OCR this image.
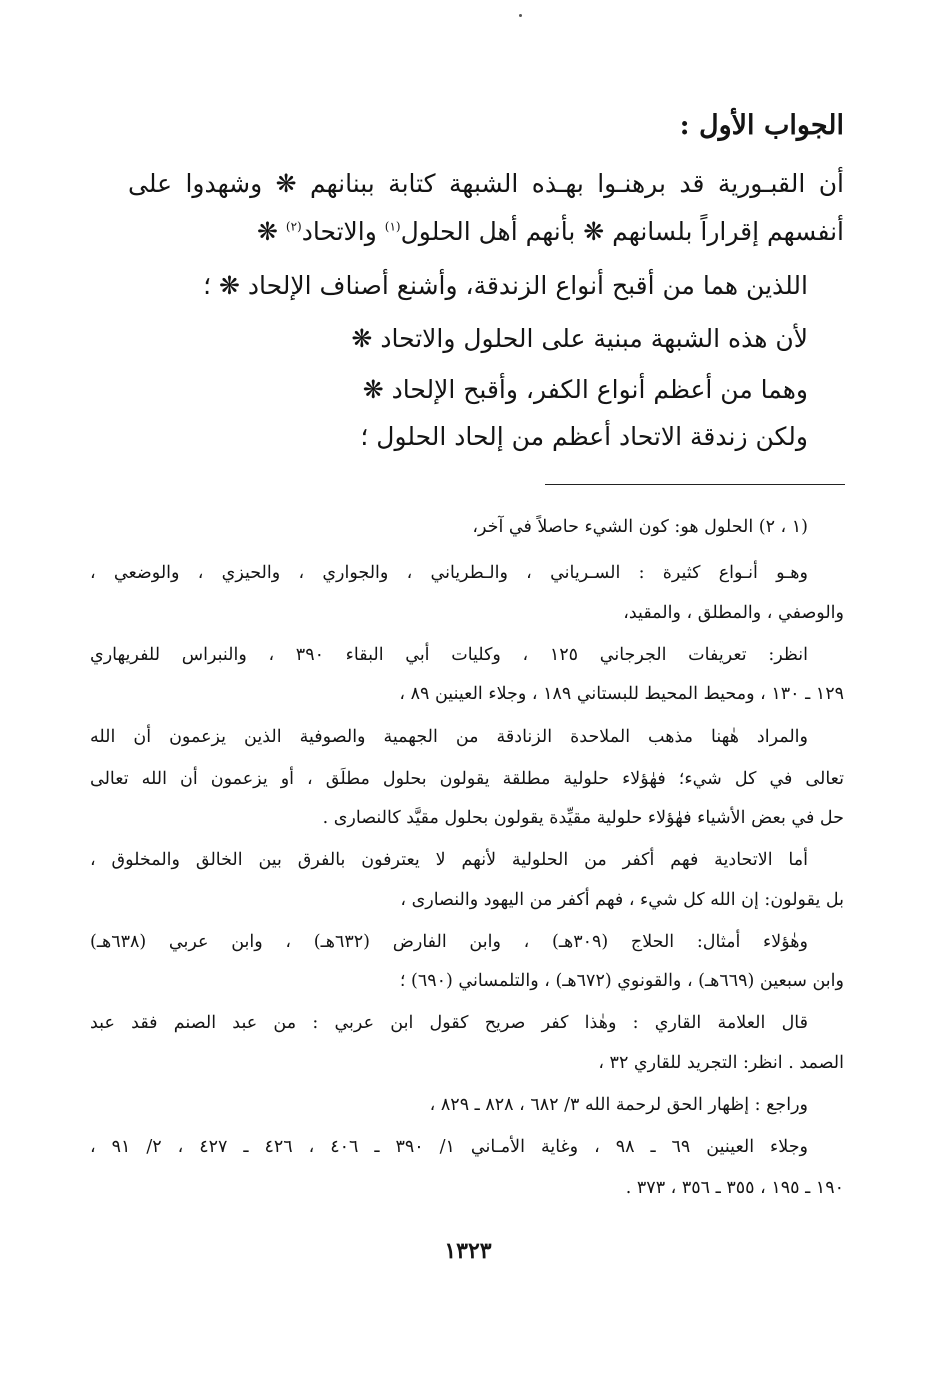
الجواب الأول :
أن القبـورية قد برهنـوا بهـذه الشبهة كتابة ببنانهم ❋ وشهدوا على
أنفسهم إقراراً بلسانهم ❋ بأنهم أهل الحلول$^{(١)}$ والاتحاد$^{(٢)}$ ❋
اللذين هما من أقبح أنواع الزندقة، وأشنع أصناف الإلحاد ❋ ؛
لأن هذه الشبهة مبنية على الحلول والاتحاد ❋
وهما من أعظم أنواع الكفر، وأقبح الإلحاد ❋
ولكن زندقة الاتحاد أعظم من إلحاد الحلول ؛
(١ ، ٢) الحلول هو: كون الشيء حاصلاً في آخر،
وهـو أنـواع كثيرة : السـرياني ، والـطرياني ، والجواري ، والحيزي ، والوضعي ،
والوصفي ، والمطلق ، والمقيد،
انظر: تعريفات الجرجاني ١٢٥ ، وكليات أبي البقاء ٣٩٠ ، والنبراس للفريهاري
١٢٩ ـ ١٣٠ ، ومحيط المحيط للبستاني ١٨٩ ، وجلاء العينين ٨٩ ،
والمراد هٰهنا مذهب الملاحدة الزنادقة من الجهمية والصوفية الذين يزعمون أن الله
تعالى في كل شيء؛ فهٰؤلاء حلولية مطلقة يقولون بحلول مطلَق ، أو يزعمون أن الله تعالى
حل في بعض الأشياء فهٰؤلاء حلولية مقيِّدة يقولون بحلول مقيَّد كالنصارى .
أما الاتحادية فهم أكفر من الحلولية لأنهم لا يعترفون بالفرق بين الخالق والمخلوق ،
بل يقولون: إن الله كل شيء ، فهم أكفر من اليهود والنصارى ،
وهٰؤلاء أمثال: الحلاج (٣٠٩هـ) ، وابن الفارض (٦٣٢هـ) ، وابن عربي (٦٣٨هـ)
وابن سبعين (٦٦٩هـ) ، والقونوي (٦٧٢هـ) ، والتلمساني (٦٩٠) ؛
قال العلامة القاري : وهٰذا كفر صريح كقول ابن عربي : من عبد الصنم فقد عبد
الصمد . انظر: التجريد للقاري ٣٢ ،
وراجع : إظهار الحق لرحمة الله ٣/ ٦٨٢ ، ٨٢٨ ـ ٨٢٩ ،
وجلاء العينين ٦٩ ـ ٩٨ ، وغاية الأمـاني ١/ ٣٩٠ ـ ٤٠٦ ، ٤٢٦ ـ ٤٢٧ ، ٢/ ٩١ ،
١٩٠ ـ ١٩٥ ، ٣٥٥ ـ ٣٥٦ ، ٣٧٣ .
١٣٢٣
